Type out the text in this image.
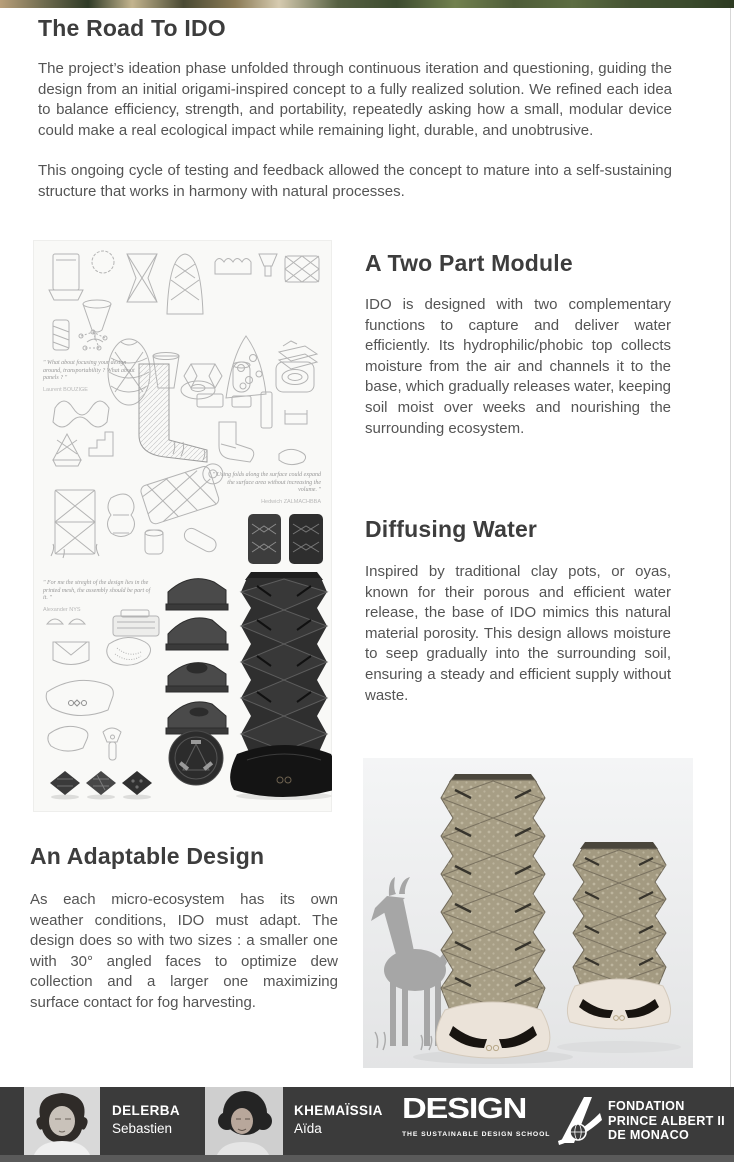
The Road To IDO

The project’s ideation phase unfolded through continuous iteration and questioning, guiding the design from an initial origami-inspired concept to a fully realized solution. We refined each idea to balance efficiency, strength, and portability, repeatedly asking how a small, modular device could make a real ecological impact while remaining light, durable, and unobtrusive.

This ongoing cycle of testing and feedback allowed the concept to mature into a self-sustaining structure that works in harmony with natural processes.

" What about focusing your design around, transportability ? What about panels ? "
Laurent BOUZIGE
" Using folds along the surface could expand the surface area without increasing the volume. "
Hedwich ZALMACHBBA
" For me the streght of the design lies in the printed mesh, the assembly should be part of it. "
Alexander NYS
A Two Part Module

IDO is designed with two complementary functions to capture and deliver water efficiently. Its hydrophilic/phobic top collects moisture from the air and channels it to the base, which gradually releases water, keeping soil moist over weeks and nourishing the surrounding ecosystem.

Diffusing Water

Inspired by traditional clay pots, or oyas, known for their porous and efficient water release, the base of IDO mimics this natural material porosity. This design allows moisture to seep gradually into the surrounding soil, ensuring a steady and efficient supply without waste.

An Adaptable Design

As each micro-ecosystem has its own weather conditions, IDO must adapt. The design does so with two sizes : a smaller one with 30° angled faces to optimize dew collection and a larger one maximizing surface contact for fog harvesting.

DELERBA
Sebastien
KHEMAÏSSIA
Aïda
DESIGN
THE SUSTAINABLE DESIGN SCHOOL
FONDATION
PRINCE ALBERT II
DE MONACO
